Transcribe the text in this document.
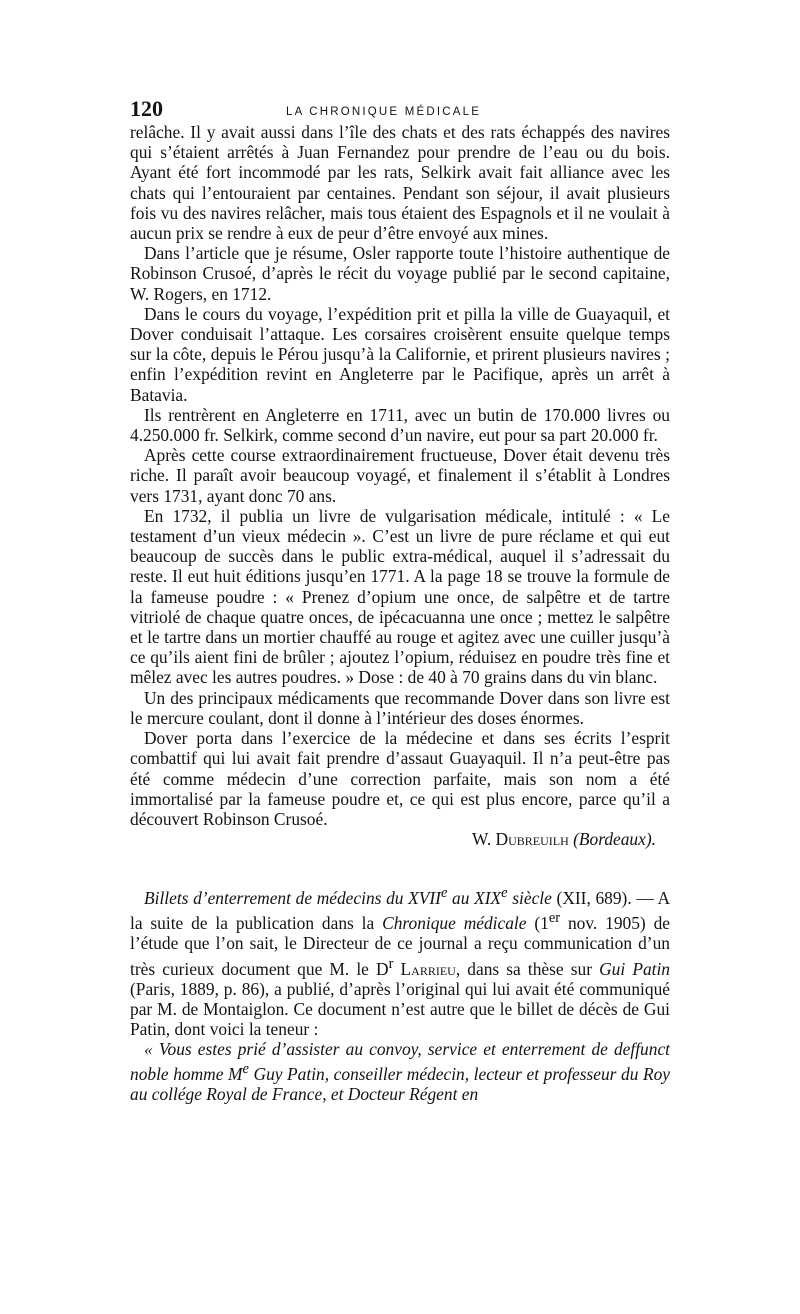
120	LA CHRONIQUE MÉDICALE

relâche. Il y avait aussi dans l’île des chats et des rats échappés des navires qui s’étaient arrêtés à Juan Fernandez pour prendre de l’eau ou du bois. Ayant été fort incommodé par les rats, Selkirk avait fait alliance avec les chats qui l’entouraient par centaines. Pendant son séjour, il avait plusieurs fois vu des navires relâcher, mais tous étaient des Espagnols et il ne voulait à aucun prix se rendre à eux de peur d’être envoyé aux mines.

Dans l’article que je résume, Osler rapporte toute l’histoire authentique de Robinson Crusoé, d’après le récit du voyage publié par le second capitaine, W. Rogers, en 1712.

Dans le cours du voyage, l’expédition prit et pilla la ville de Guayaquil, et Dover conduisait l’attaque. Les corsaires croisèrent ensuite quelque temps sur la côte, depuis le Pérou jusqu’à la Californie, et prirent plusieurs navires ; enfin l’expédition revint en Angleterre par le Pacifique, après un arrêt à Batavia.

Ils rentrèrent en Angleterre en 1711, avec un butin de 170.000 livres ou 4.250.000 fr. Selkirk, comme second d’un navire, eut pour sa part 20.000 fr.

Après cette course extraordinairement fructueuse, Dover était devenu très riche. Il paraît avoir beaucoup voyagé, et finalement il s’établit à Londres vers 1731, ayant donc 70 ans.

En 1732, il publia un livre de vulgarisation médicale, intitulé : « Le testament d’un vieux médecin ». C’est un livre de pure réclame et qui eut beaucoup de succès dans le public extra-médical, auquel il s’adressait du reste. Il eut huit éditions jusqu’en 1771. A la page 18 se trouve la formule de la fameuse poudre : « Prenez d’opium une once, de salpêtre et de tartre vitriolé de chaque quatre onces, de ipécacuanna une once ; mettez le salpêtre et le tartre dans un mortier chauffé au rouge et agitez avec une cuiller jusqu’à ce qu’ils aient fini de brûler ; ajoutez l’opium, réduisez en poudre très fine et mêlez avec les autres poudres. » Dose : de 40 à 70 grains dans du vin blanc.

Un des principaux médicaments que recommande Dover dans son livre est le mercure coulant, dont il donne à l’intérieur des doses énormes.

Dover porta dans l’exercice de la médecine et dans ses écrits l’esprit combattif qui lui avait fait prendre d’assaut Guayaquil. Il n’a peut-être pas été comme médecin d’une correction parfaite, mais son nom a été immortalisé par la fameuse poudre et, ce qui est plus encore, parce qu’il a découvert Robinson Crusoé.

W. Dubreuilh (Bordeaux).

Billets d’enterrement de médecins du XVIIe au XIXe siècle (XII, 689). — A la suite de la publication dans la Chronique médicale (1er nov. 1905) de l’étude que l’on sait, le Directeur de ce journal a reçu communication d’un très curieux document que M. le $D^r$ Larrieu, dans sa thèse sur Gui Patin (Paris, 1889, p. 86), a publié, d’après l’original qui lui avait été communiqué par M. de Montaiglon. Ce document n’est autre que le billet de décès de Gui Patin, dont voici la teneur :

« Vous estes prié d’assister au convoy, service et enterrement de deffunct noble homme Me Guy Patin, conseiller médecin, lecteur et professeur du Roy au collége Royal de France, et Docteur Régent en
